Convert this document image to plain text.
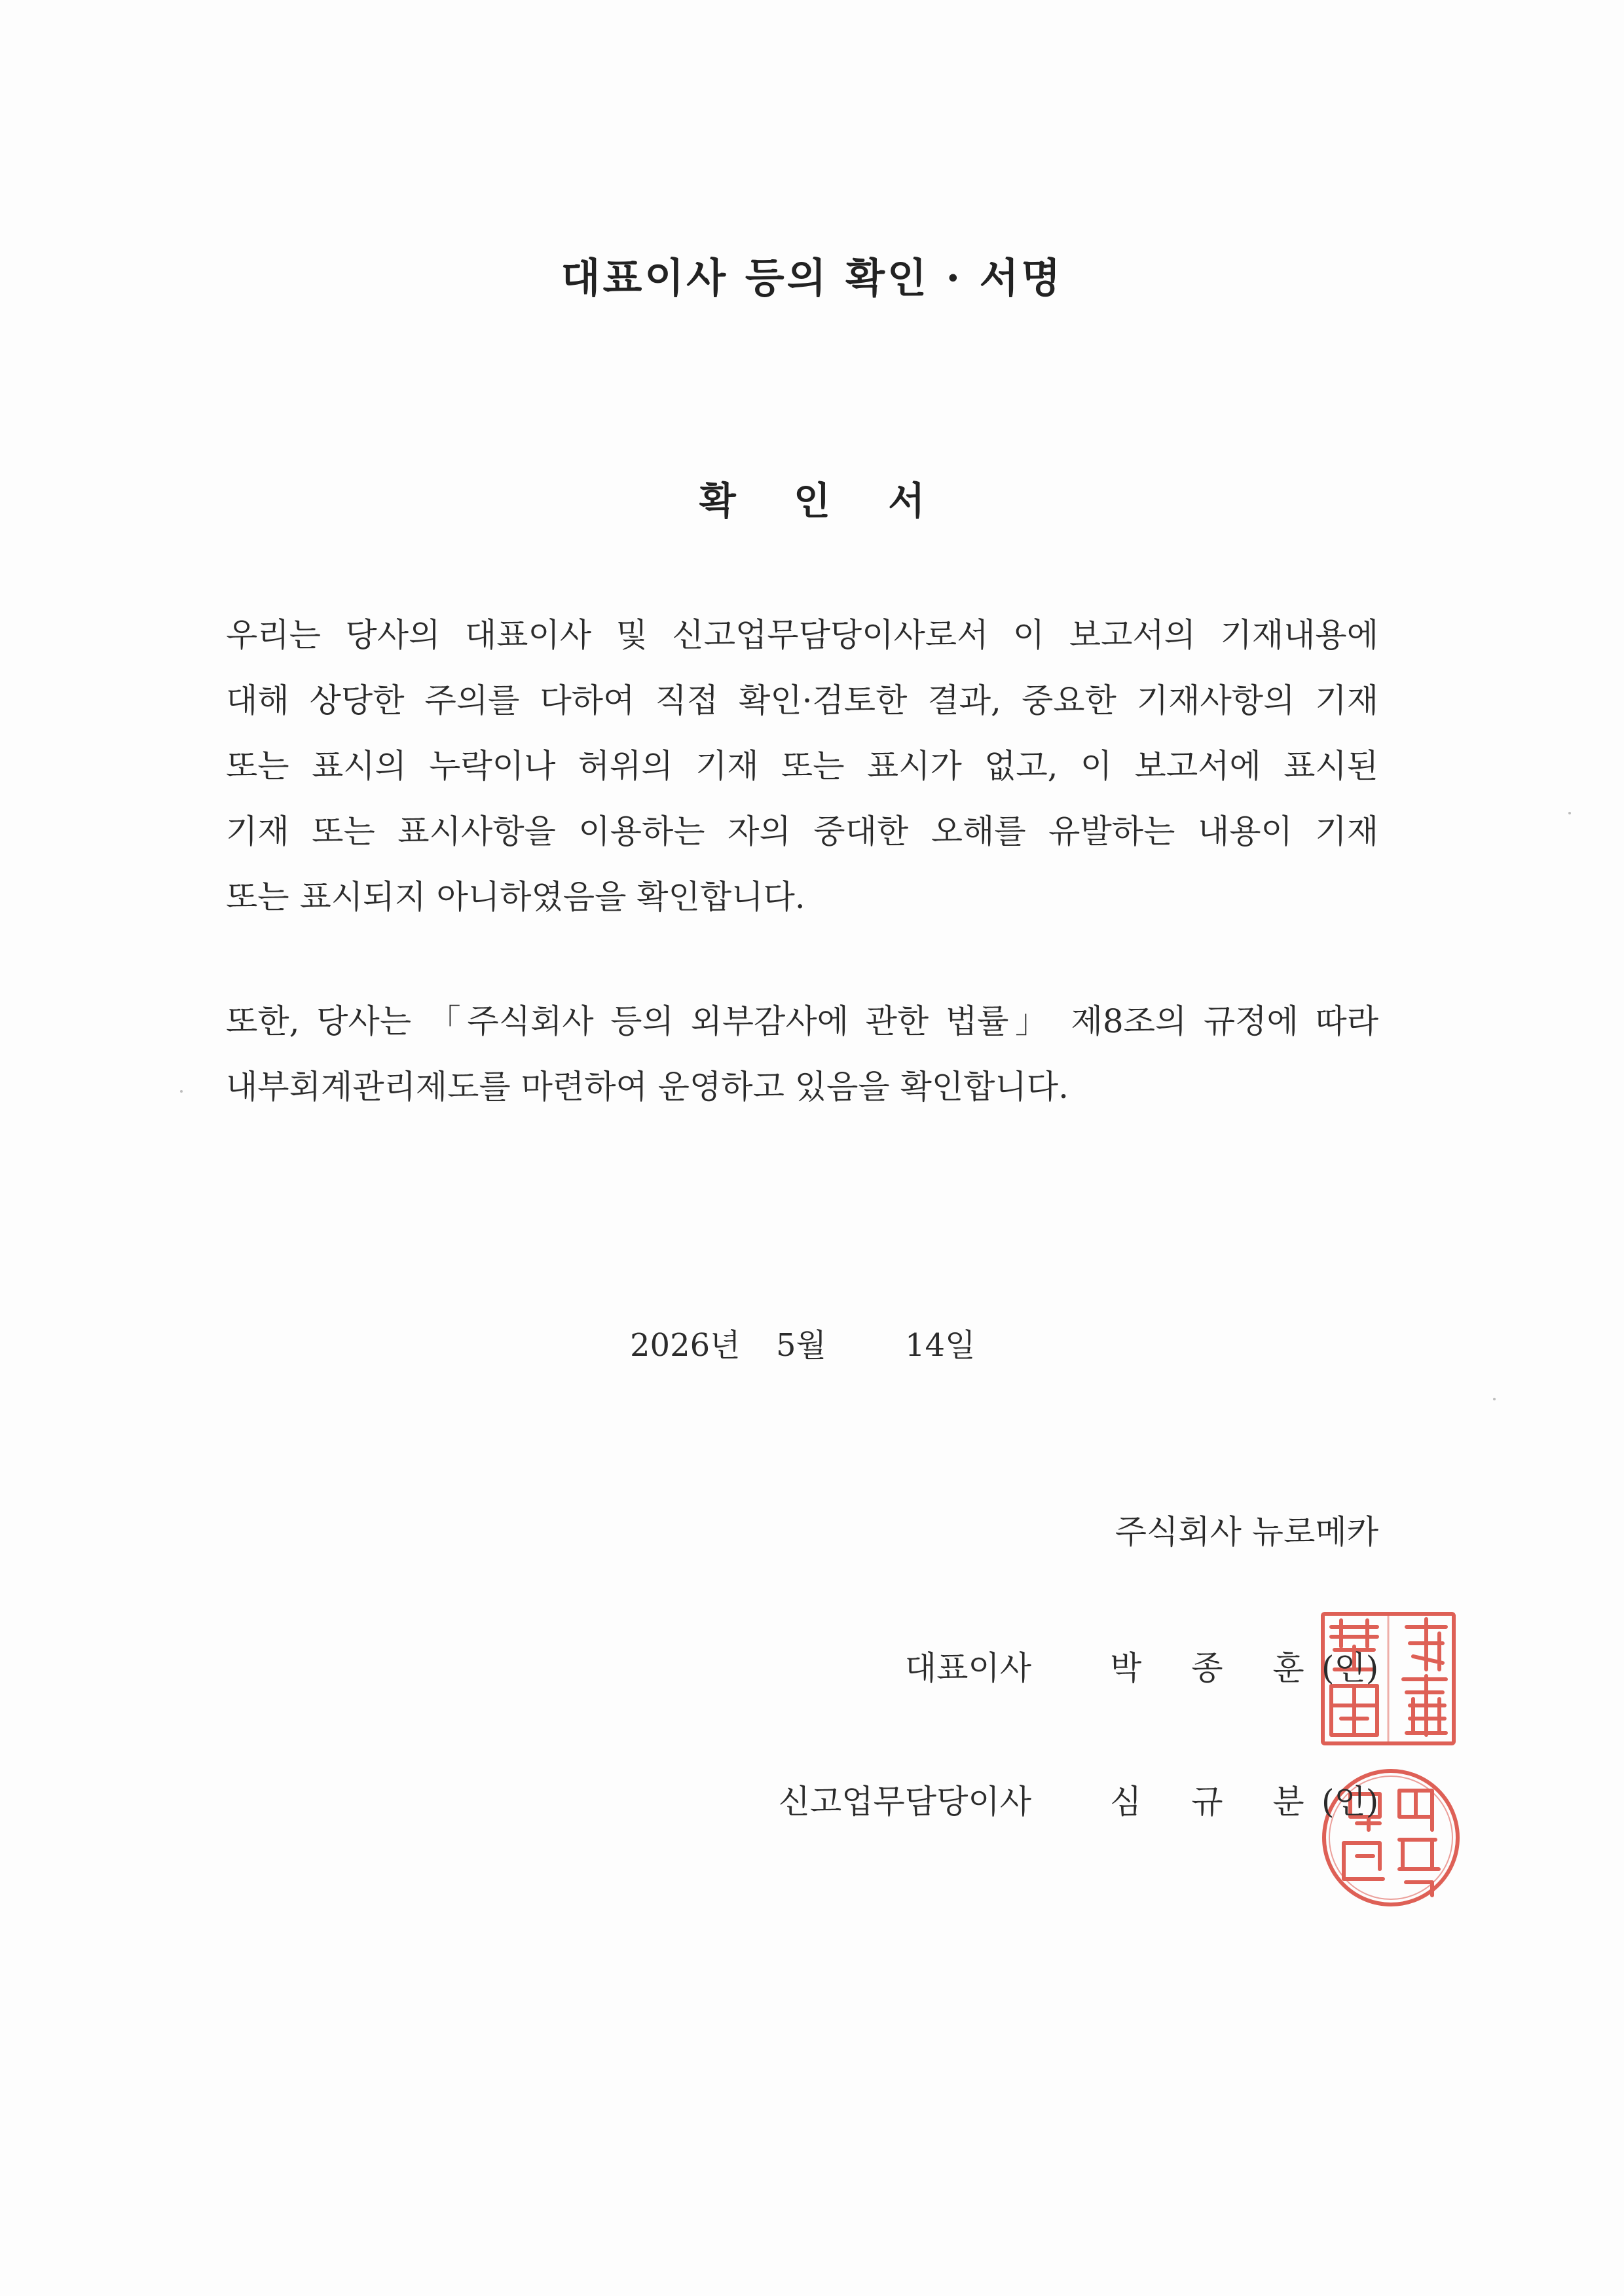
대표이사 등의 확인 · 서명
확 인 서
우리는 당사의 대표이사 및 신고업무담당이사로서 이 보고서의 기재내용에
대해 상당한 주의를 다하여 직접 확인·검토한 결과, 중요한 기재사항의 기재
또는 표시의 누락이나 허위의 기재 또는 표시가 없고, 이 보고서에 표시된
기재 또는 표시사항을 이용하는 자의 중대한 오해를 유발하는 내용이 기재
또는 표시되지 아니하였음을 확인합니다.
또한, 당사는 「주식회사 등의 외부감사에 관한 법률」 제8조의 규정에 따라
내부회계관리제도를 마련하여 운영하고 있음을 확인합니다.
2026년 5월	14일
주식회사 뉴로메카
대표이사 박 종 훈
(인)
신고업무담당이사 심 규 분
(인)
